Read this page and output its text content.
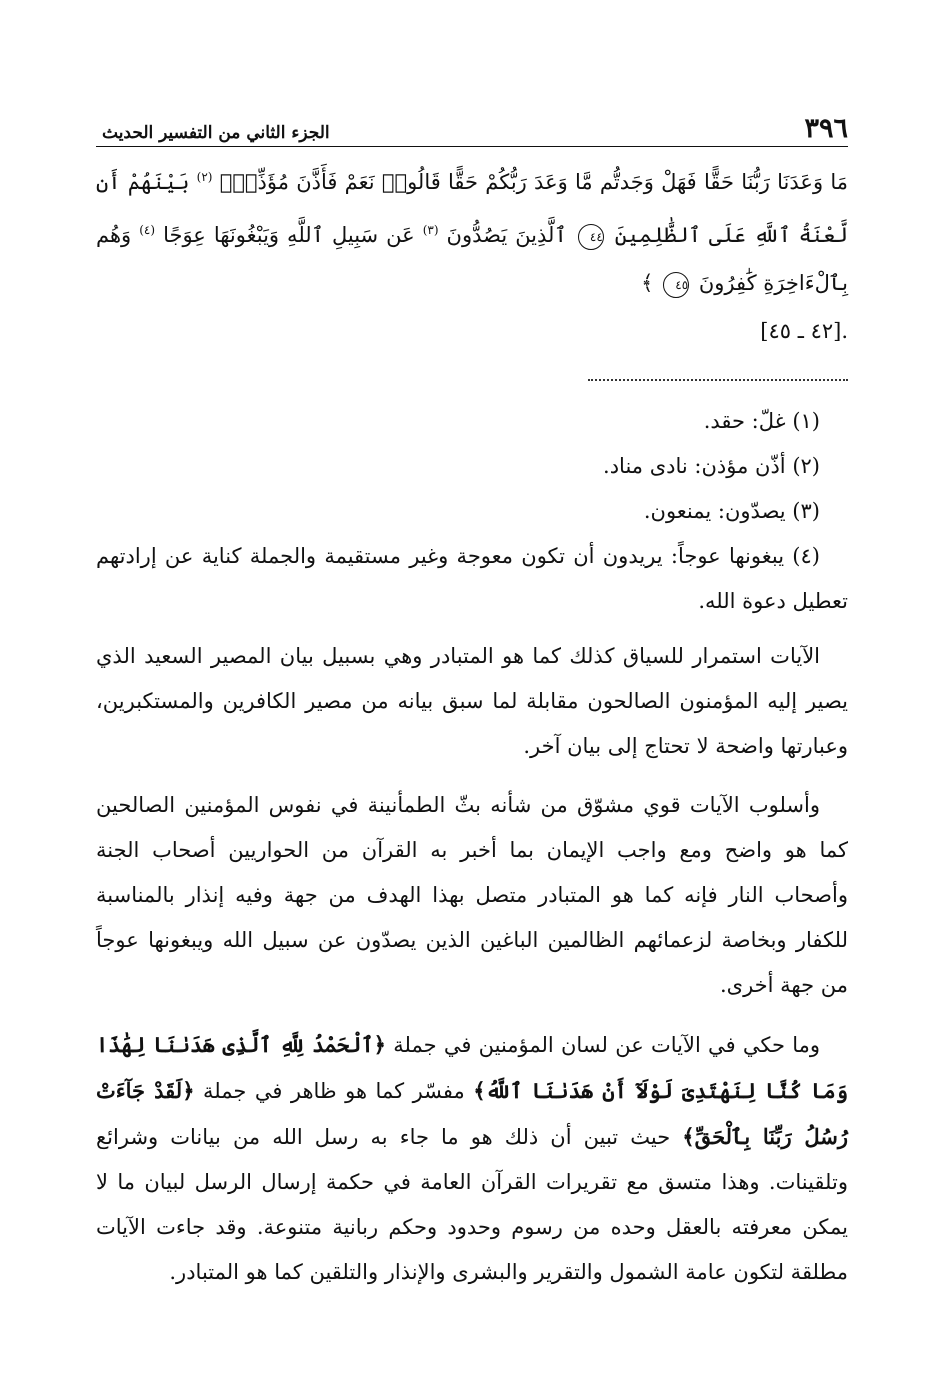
٣٩٦
الجزء الثاني من التفسير الحديث
مَا وَعَدَنَا رَبُّنَا حَقًّا فَهَلْ وَجَدتُّم مَّا وَعَدَ رَبُّكُمْ حَقًّا قَالُوا۟ نَعَمْ فَأَذَّنَ مُؤَذِّنٌۢ $^{(٢)}$ بَيْنَهُمْ أَن لَّعْنَةُ ٱللَّهِ عَلَى ٱلظَّٰلِمِينَ ٤٤ ٱلَّذِينَ يَصُدُّونَ $^{(٣)}$ عَن سَبِيلِ ٱللَّهِ وَيَبْغُونَهَا عِوَجًا $^{(٤)}$ وَهُم بِٱلْءَاخِرَةِ كَٰفِرُونَ ٤٥ ﴾
.[٤٢ ـ ٤٥]

(١) غلّ: حقد.

(٢) أذّن مؤذن: نادى مناد.

(٣) يصدّون: يمنعون.

(٤) يبغونها عوجاً: يريدون أن تكون معوجة وغير مستقيمة والجملة كناية عن إرادتهم تعطيل دعوة الله.

الآيات استمرار للسياق كذلك كما هو المتبادر وهي بسبيل بيان المصير السعيد الذي يصير إليه المؤمنون الصالحون مقابلة لما سبق بيانه من مصير الكافرين والمستكبرين، وعبارتها واضحة لا تحتاج إلى بيان آخر.

وأسلوب الآيات قوي مشوّق من شأنه بثّ الطمأنينة في نفوس المؤمنين الصالحين كما هو واضح ومع واجب الإيمان بما أخبر به القرآن من الحواريين أصحاب الجنة وأصحاب النار فإنه كما هو المتبادر متصل بهذا الهدف من جهة وفيه إنذار بالمناسبة للكفار وبخاصة لزعمائهم الظالمين الباغين الذين يصدّون عن سبيل الله ويبغونها عوجاً من جهة أخرى.

وما حكي في الآيات عن لسان المؤمنين في جملة ﴿ٱلْحَمْدُ لِلَّهِ ٱلَّذِى هَدَىٰنَا لِهَٰذَا وَمَا كُنَّا لِنَهْتَدِىَ لَوْلَآ أَنْ هَدَىٰنَا ٱللَّهُ﴾ مفسّر كما هو ظاهر في جملة ﴿لَقَدْ جَآءَتْ رُسُلُ رَبِّنَا بِٱلْحَقِّ﴾ حيث تبين أن ذلك هو ما جاء به رسل الله من بيانات وشرائع وتلقينات. وهذا متسق مع تقريرات القرآن العامة في حكمة إرسال الرسل لبيان ما لا يمكن معرفته بالعقل وحده من رسوم وحدود وحكم ربانية متنوعة. وقد جاءت الآيات مطلقة لتكون عامة الشمول والتقرير والبشرى والإنذار والتلقين كما هو المتبادر.
